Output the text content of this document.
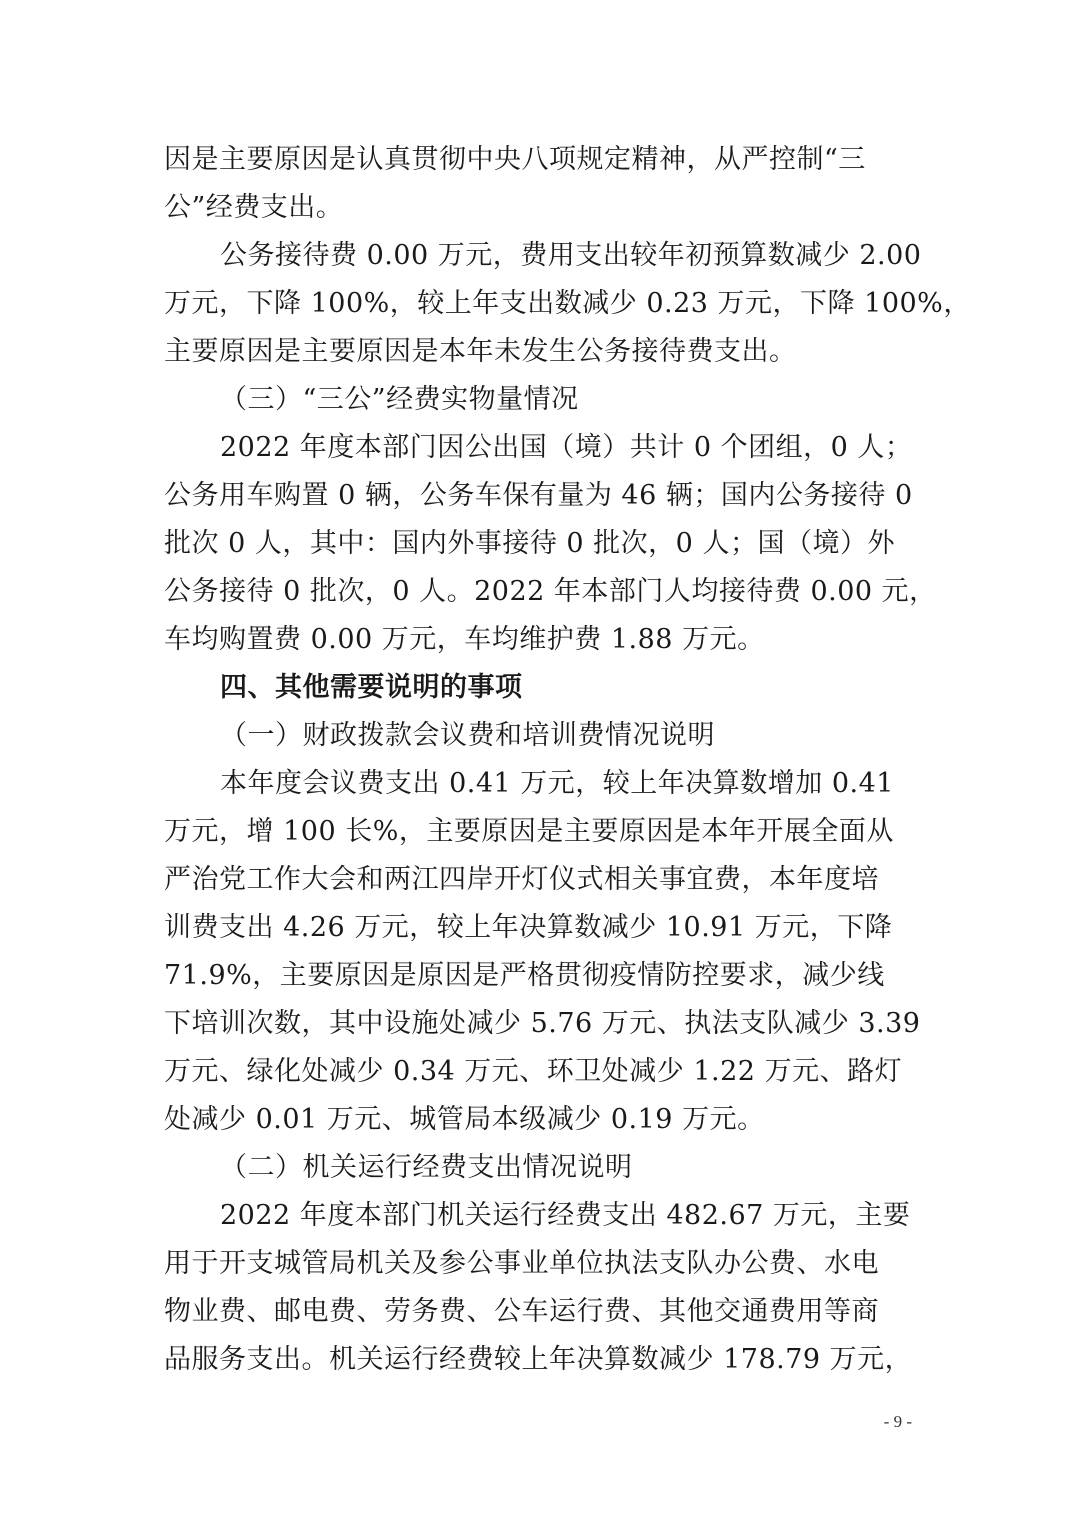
因是主要原因是认真贯彻中央八项规定精神，从严控制“三
公”经费支出。
公务接待费 0.00 万元，费用支出较年初预算数减少 2.00
万元，下降 100%，较上年支出数减少 0.23 万元，下降 100%，
主要原因是主要原因是本年未发生公务接待费支出。
（三）“三公”经费实物量情况
2022 年度本部门因公出国（境）共计 0 个团组，0 人；
公务用车购置 0 辆，公务车保有量为 46 辆；国内公务接待 0
批次 0 人，其中：国内外事接待 0 批次，0 人；国（境）外
公务接待 0 批次，0 人。2022 年本部门人均接待费 0.00 元，
车均购置费 0.00 万元，车均维护费 1.88 万元。
四、其他需要说明的事项
（一）财政拨款会议费和培训费情况说明
本年度会议费支出 0.41 万元，较上年决算数增加 0.41
万元，增 100 长%，主要原因是主要原因是本年开展全面从
严治党工作大会和两江四岸开灯仪式相关事宜费，本年度培
训费支出 4.26 万元，较上年决算数减少 10.91 万元，下降
71.9%，主要原因是原因是严格贯彻疫情防控要求，减少线
下培训次数，其中设施处减少 5.76 万元、执法支队减少 3.39
万元、绿化处减少 0.34 万元、环卫处减少 1.22 万元、路灯
处减少 0.01 万元、城管局本级减少 0.19 万元。
（二）机关运行经费支出情况说明
2022 年度本部门机关运行经费支出 482.67 万元，主要
用于开支城管局机关及参公事业单位执法支队办公费、水电
物业费、邮电费、劳务费、公车运行费、其他交通费用等商
品服务支出。机关运行经费较上年决算数减少 178.79 万元，
- 9 -
